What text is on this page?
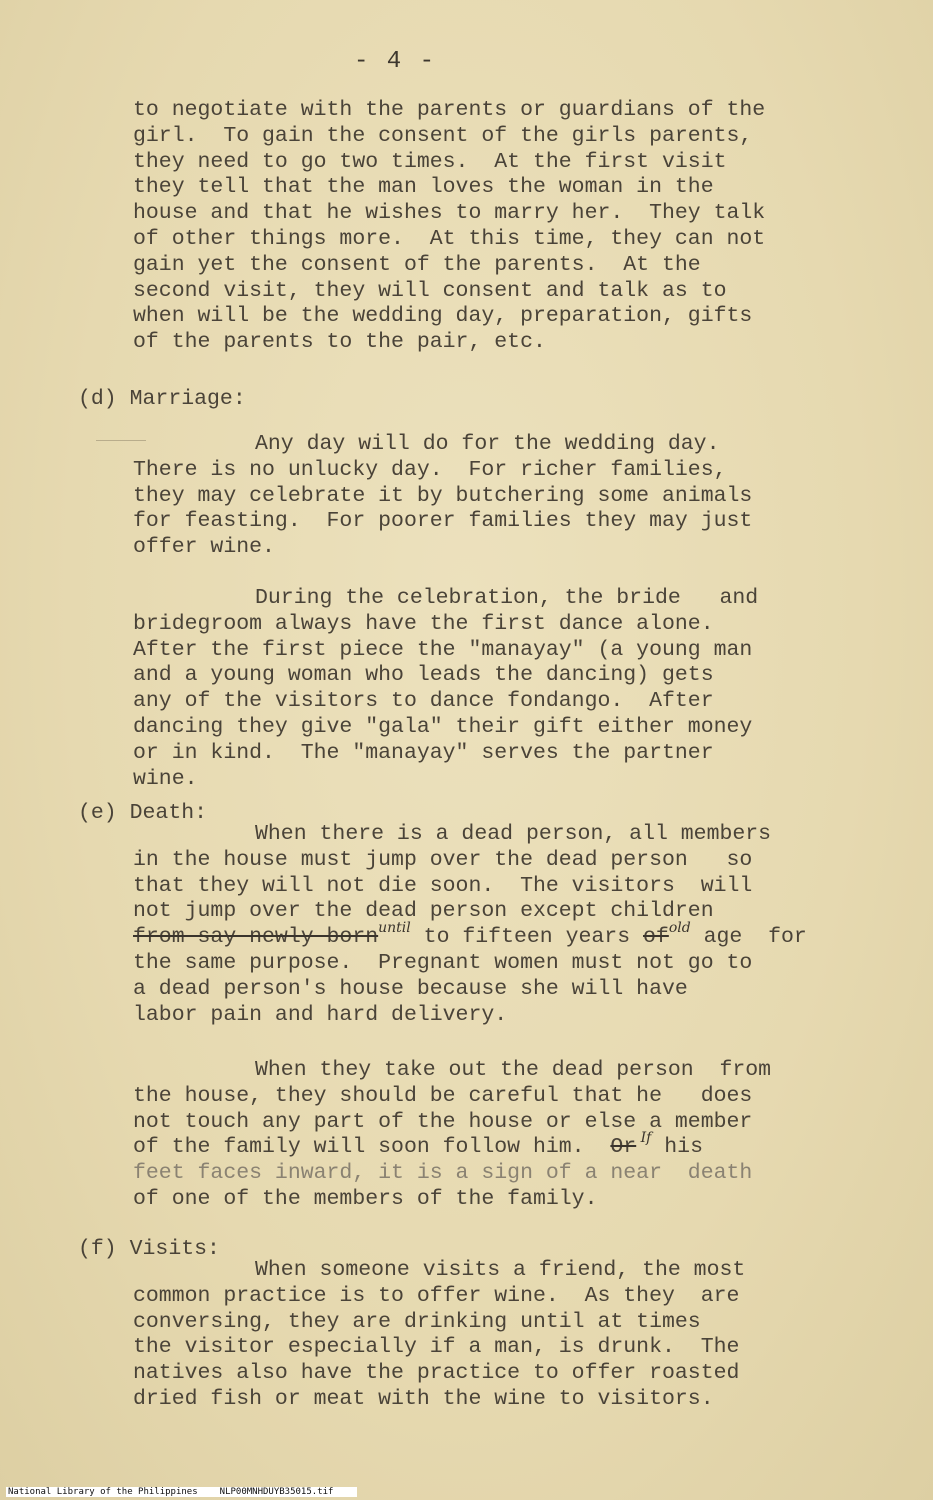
- 4 -
to negotiate with the parents or guardians of the
girl.  To gain the consent of the girls parents,
they need to go two times.  At the first visit
they tell that the man loves the woman in the
house and that he wishes to marry her.  They talk
of other things more.  At this time, they can not
gain yet the consent of the parents.  At the
second visit, they will consent and talk as to
when will be the wedding day, preparation, gifts
of the parents to the pair, etc.
(d) Marriage:
Any day will do for the wedding day.
There is no unlucky day.  For richer families,
they may celebrate it by butchering some animals
for feasting.  For poorer families they may just
offer wine.
During the celebration, the bride   and
bridegroom always have the first dance alone.
After the first piece the "manayay" (a young man
and a young woman who leads the dancing) gets
any of the visitors to dance fondango.  After
dancing they give "gala" their gift either money
or in kind.  The "manayay" serves the partner
wine.
(e) Death:
When there is a dead person, all members
in the house must jump over the dead person   so
that they will not die soon.  The visitors  will
not jump over the dead person except children
from say newly born$^{until}$ to fifteen years $of^{old}$ age  for
the same purpose.  Pregnant women must not go to
a dead person's house because she will have
labor pain and hard delivery.
When they take out the dead person  from
the house, they should be careful that he   does
not touch any part of the house or else a member
of the family will soon follow him.  Or $^{If}$ his
feet faces inward, it is a sign of a near  death
of one of the members of the family.
(f) Visits:
When someone visits a friend, the most
common practice is to offer wine.  As they  are
conversing, they are drinking until at times
the visitor especially if a man, is drunk.  The
natives also have the practice to offer roasted
dried fish or meat with the wine to visitors.
National Library of the Philippines NLP00MNHDUYB35015.tif
